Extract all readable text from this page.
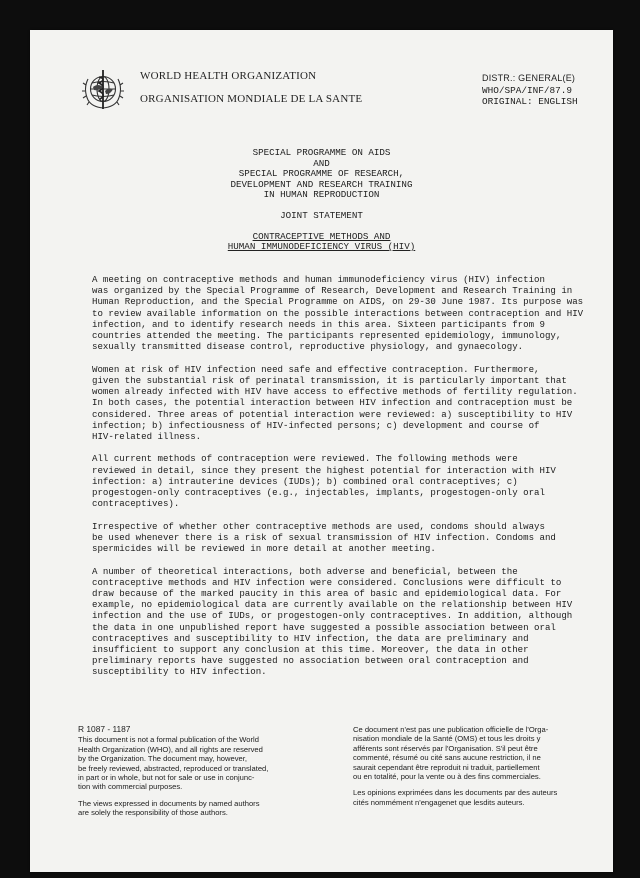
WORLD HEALTH ORGANIZATION
ORGANISATION MONDIALE DE LA SANTE
DISTR.: GENERAL(E)
WHO/SPA/INF/87.9
ORIGINAL: ENGLISH
SPECIAL PROGRAMME ON AIDS
AND
SPECIAL PROGRAMME OF RESEARCH,
DEVELOPMENT AND RESEARCH TRAINING
IN HUMAN REPRODUCTION
JOINT STATEMENT
CONTRACEPTIVE METHODS AND
HUMAN IMMUNODEFICIENCY VIRUS (HIV)

A meeting on contraceptive methods and human immunodeficiency virus (HIV) infection
was organized by the Special Programme of Research, Development and Research Training in
Human Reproduction, and the Special Programme on AIDS, on 29-30 June 1987. Its purpose was
to review available information on the possible interactions between contraception and HIV
infection, and to identify research needs in this area. Sixteen participants from 9
countries attended the meeting. The participants represented epidemiology, immunology,
sexually transmitted disease control, reproductive physiology, and gynaecology.

Women at risk of HIV infection need safe and effective contraception. Furthermore,
given the substantial risk of perinatal transmission, it is particularly important that
women already infected with HIV have access to effective methods of fertility regulation.
In both cases, the potential interaction between HIV infection and contraception must be
considered. Three areas of potential interaction were reviewed: a) susceptibility to HIV
infection; b) infectiousness of HIV-infected persons; c) development and course of
HIV-related illness.

All current methods of contraception were reviewed. The following methods were
reviewed in detail, since they present the highest potential for interaction with HIV
infection: a) intrauterine devices (IUDs); b) combined oral contraceptives; c)
progestogen-only contraceptives (e.g., injectables, implants, progestogen-only oral
contraceptives).

Irrespective of whether other contraceptive methods are used, condoms should always
be used whenever there is a risk of sexual transmission of HIV infection. Condoms and
spermicides will be reviewed in more detail at another meeting.

A number of theoretical interactions, both adverse and beneficial, between the
contraceptive methods and HIV infection were considered. Conclusions were difficult to
draw because of the marked paucity in this area of basic and epidemiological data. For
example, no epidemiological data are currently available on the relationship between HIV
infection and the use of IUDs, or progestogen-only contraceptives. In addition, although
the data in one unpublished report have suggested a possible association between oral
contraceptives and susceptibility to HIV infection, the data are preliminary and
insufficient to support any conclusion at this time. Moreover, the data in other
preliminary reports have suggested no association between oral contraception and
susceptibility to HIV infection.

R 1087 - 1187

This document is not a formal publication of the World
Health Organization (WHO), and all rights are reserved
by the Organization. The document may, however,
be freely reviewed, abstracted, reproduced or translated,
in part or in whole, but not for sale or use in conjunc-
tion with commercial purposes.

The views expressed in documents by named authors
are solely the responsibility of those authors.

Ce document n'est pas une publication officielle de l'Orga-
nisation mondiale de la Santé (OMS) et tous les droits y
afférents sont réservés par l'Organisation. S'il peut être
commenté, résumé ou cité sans aucune restriction, il ne
saurait cependant être reproduit ni traduit, partiellement
ou en totalité, pour la vente ou à des fins commerciales.

Les opinions exprimées dans les documents par des auteurs
cités nommément n'engagenet que lesdits auteurs.
